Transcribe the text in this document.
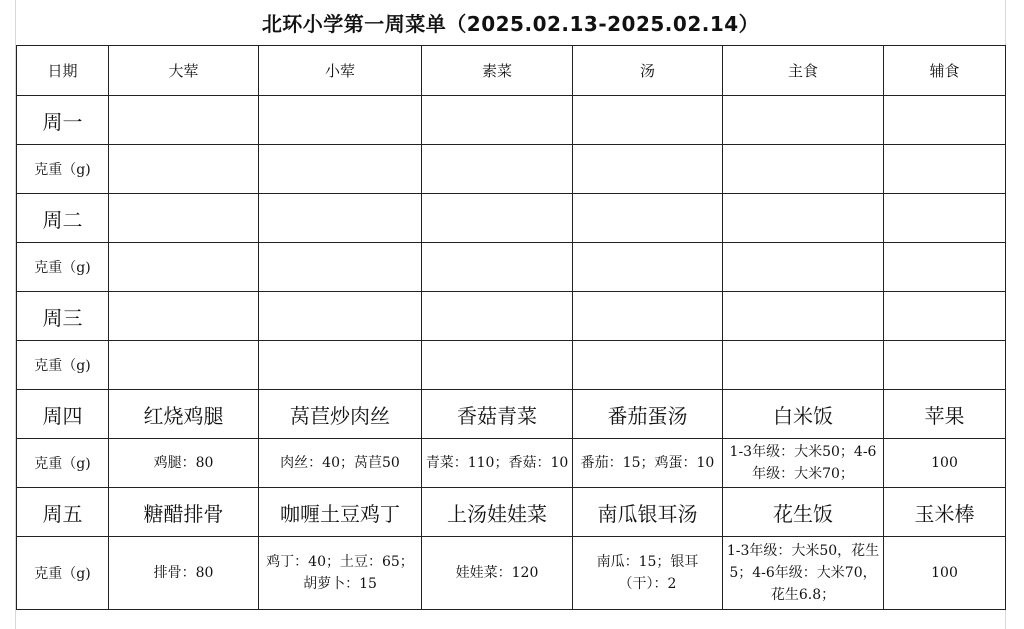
北环小学第一周菜单（2025.02.13-2025.02.14）
日期	大荤	小荤	素菜	汤	主食	辅食
周一						
克重（g)						
周二						
克重（g)						
周三						
克重（g)						
周四	红烧鸡腿	莴苣炒肉丝	香菇青菜	番茄蛋汤	白米饭	苹果
克重（g)	鸡腿：80	肉丝：40；莴苣50	青菜：110；香菇：10	番茄：15；鸡蛋：10	1-3年级：大米50；4-6年级：大米70；	100
周五	糖醋排骨	咖喱土豆鸡丁	上汤娃娃菜	南瓜银耳汤	花生饭	玉米棒
克重（g)	排骨：80	鸡丁：40；土豆：65；胡萝卜：15	娃娃菜：120	南瓜：15；银耳（干）：2	1-3年级：大米50，花生5；4-6年级：大米70，花生6.8；	100
